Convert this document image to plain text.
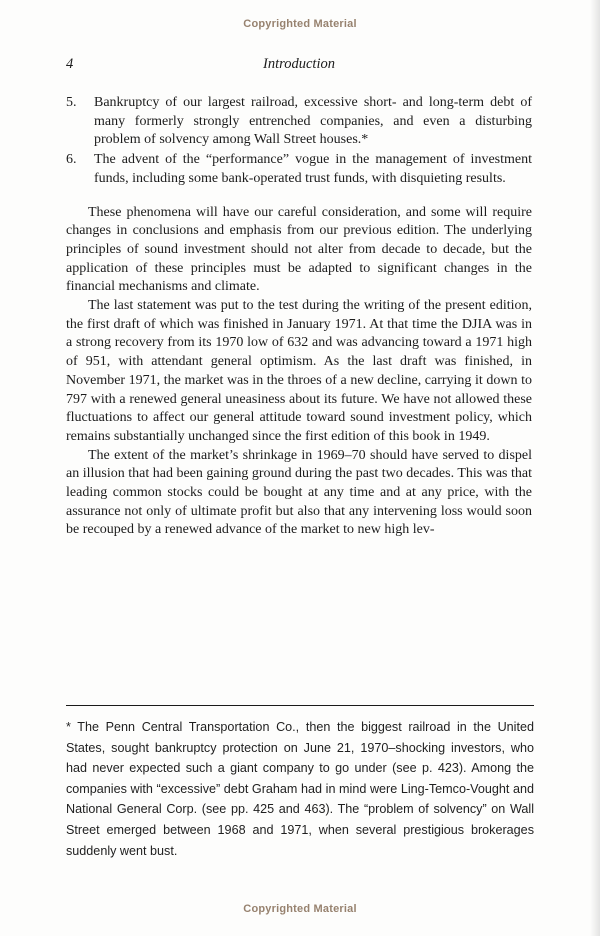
Copyrighted Material
4	Introduction
5.	Bankruptcy of our largest railroad, excessive short- and long-term debt of many formerly strongly entrenched companies, and even a disturbing problem of solvency among Wall Street houses.*
6.	The advent of the “performance” vogue in the management of investment funds, including some bank-operated trust funds, with disquieting results.

These phenomena will have our careful consideration, and some will require changes in conclusions and emphasis from our previous edition. The underlying principles of sound investment should not alter from decade to decade, but the application of these principles must be adapted to significant changes in the financial mechanisms and climate.

The last statement was put to the test during the writing of the present edition, the first draft of which was finished in January 1971. At that time the DJIA was in a strong recovery from its 1970 low of 632 and was advancing toward a 1971 high of 951, with attendant general optimism. As the last draft was finished, in November 1971, the market was in the throes of a new decline, carrying it down to 797 with a renewed general uneasiness about its future. We have not allowed these fluctuations to affect our general attitude toward sound investment policy, which remains substantially unchanged since the first edition of this book in 1949.

The extent of the market’s shrinkage in 1969–70 should have served to dispel an illusion that had been gaining ground during the past two decades. This was that leading common stocks could be bought at any time and at any price, with the assurance not only of ultimate profit but also that any intervening loss would soon be recouped by a renewed advance of the market to new high lev-

* The Penn Central Transportation Co., then the biggest railroad in the United States, sought bankruptcy protection on June 21, 1970–shocking investors, who had never expected such a giant company to go under (see p. 423). Among the companies with “excessive” debt Graham had in mind were Ling-Temco-Vought and National General Corp. (see pp. 425 and 463). The “problem of solvency” on Wall Street emerged between 1968 and 1971, when several prestigious brokerages suddenly went bust.
Copyrighted Material
